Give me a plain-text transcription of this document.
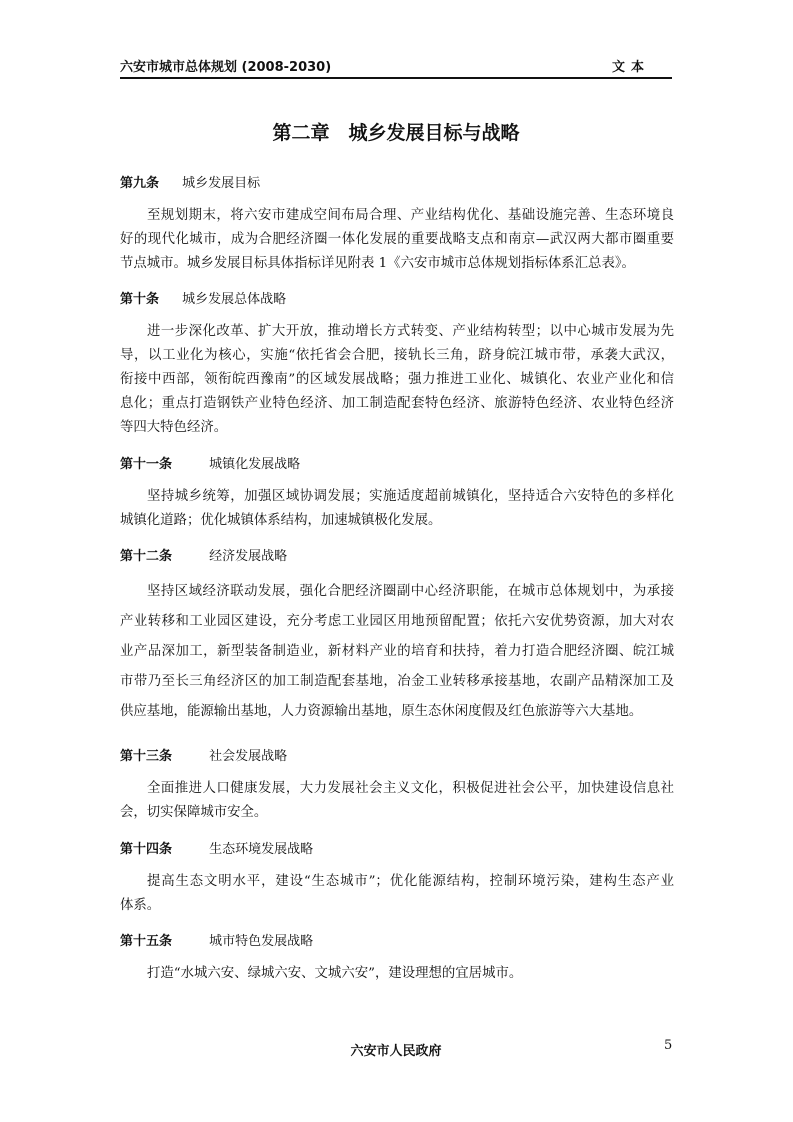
六安市城市总体规划 (2008-2030)	文本
第二章　城乡发展目标与战略
第九条 城乡发展目标
至规划期末，将六安市建成空间布局合理、产业结构优化、基础设施完善、生态环境良
好的现代化城市，成为合肥经济圈一体化发展的重要战略支点和南京—武汉两大都市圈重要
节点城市。城乡发展目标具体指标详见附表 1《六安市城市总体规划指标体系汇总表》。
第十条 城乡发展总体战略
进一步深化改革、扩大开放，推动增长方式转变、产业结构转型；以中心城市发展为先
导，以工业化为核心，实施“依托省会合肥，接轨长三角，跻身皖江城市带，承袭大武汉，
衔接中西部，领衔皖西豫南”的区域发展战略；强力推进工业化、城镇化、农业产业化和信
息化；重点打造钢铁产业特色经济、加工制造配套特色经济、旅游特色经济、农业特色经济
等四大特色经济。
第十一条	城镇化发展战略
坚持城乡统筹，加强区域协调发展；实施适度超前城镇化，坚持适合六安特色的多样化
城镇化道路；优化城镇体系结构，加速城镇极化发展。
第十二条	经济发展战略
坚持区域经济联动发展，强化合肥经济圈副中心经济职能，在城市总体规划中，为承接
产业转移和工业园区建设，充分考虑工业园区用地预留配置；依托六安优势资源，加大对农
业产品深加工，新型装备制造业，新材料产业的培育和扶持，着力打造合肥经济圈、皖江城
市带乃至长三角经济区的加工制造配套基地，冶金工业转移承接基地，农副产品精深加工及
供应基地，能源输出基地，人力资源输出基地，原生态休闲度假及红色旅游等六大基地。
第十三条	社会发展战略
全面推进人口健康发展，大力发展社会主义文化，积极促进社会公平，加快建设信息社
会，切实保障城市安全。
第十四条	生态环境发展战略
提高生态文明水平，建设“生态城市”；优化能源结构，控制环境污染，建构生态产业
体系。
第十五条	城市特色发展战略
打造“水城六安、绿城六安、文城六安”，建设理想的宜居城市。
六安市人民政府	5
